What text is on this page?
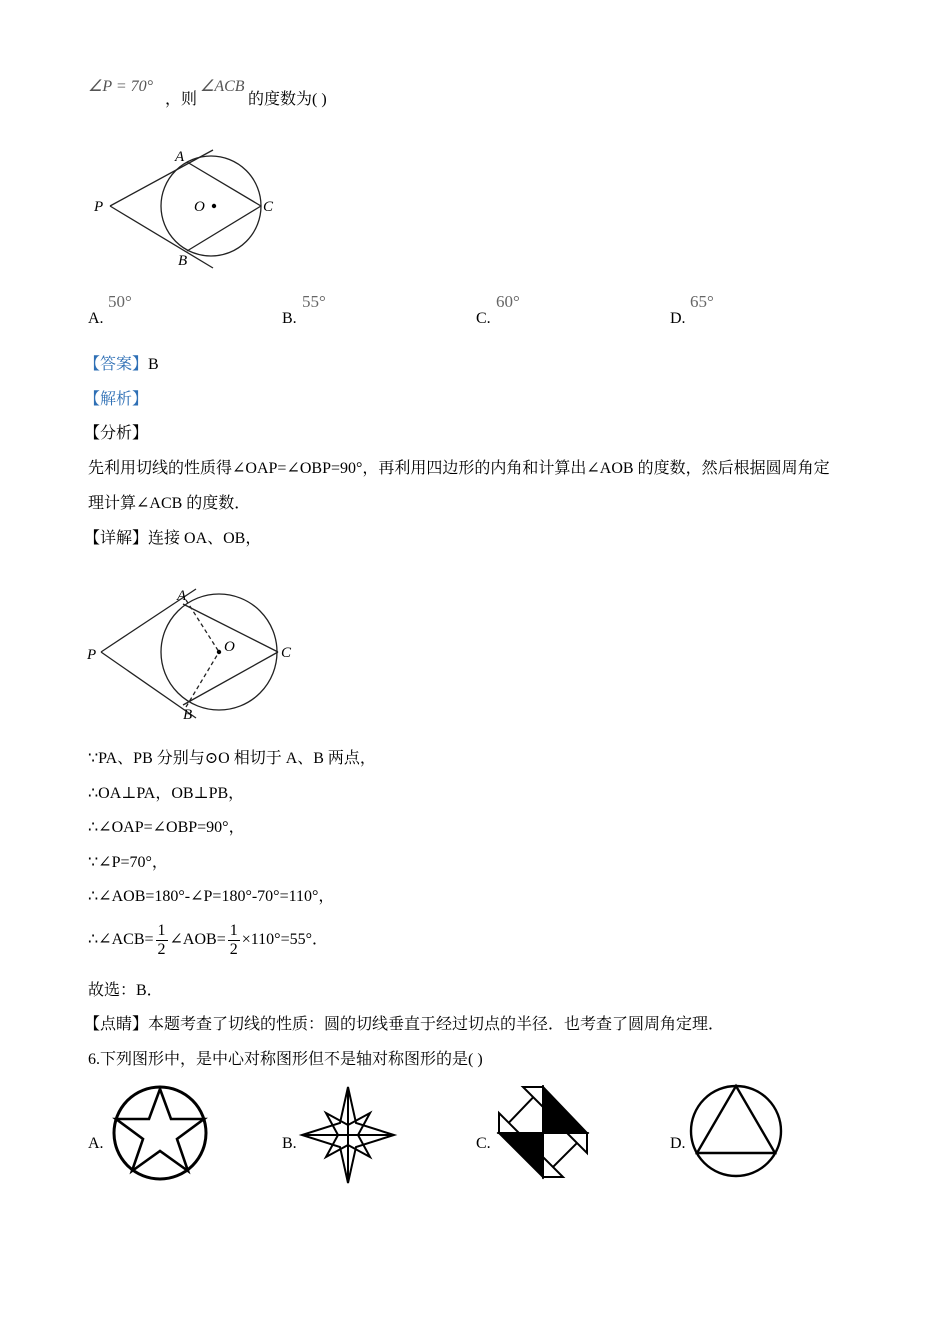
∠P = 70°
，则
∠ACB
的度数为( )
P
A
B
C
O
A.
50°
B.
55°
C.
60°
D.
65°
【答案】B
【解析】
【分析】
先利用切线的性质得∠OAP=∠OBP=90°，再利用四边形的内角和计算出∠AOB 的度数，然后根据圆周角定
理计算∠ACB 的度数．
【详解】连接 OA、OB，
P
A
B
C
O
∵PA、PB 分别与⊙O 相切于 A、B 两点，
∴OA⊥PA，OB⊥PB，
∴∠OAP=∠OBP=90°，
∵∠P=70°，
∴∠AOB=180°-∠P=180°-70°=110°，
∴∠ACB= $\frac{1}{2}$ ∠AOB= $\frac{1}{2} \times 110^\circ=55^\circ$．
故选：B．
【点睛】本题考查了切线的性质：圆的切线垂直于经过切点的半径．也考查了圆周角定理．
6.下列图形中，是中心对称图形但不是轴对称图形的是( )
A.	B.	C.	D.
